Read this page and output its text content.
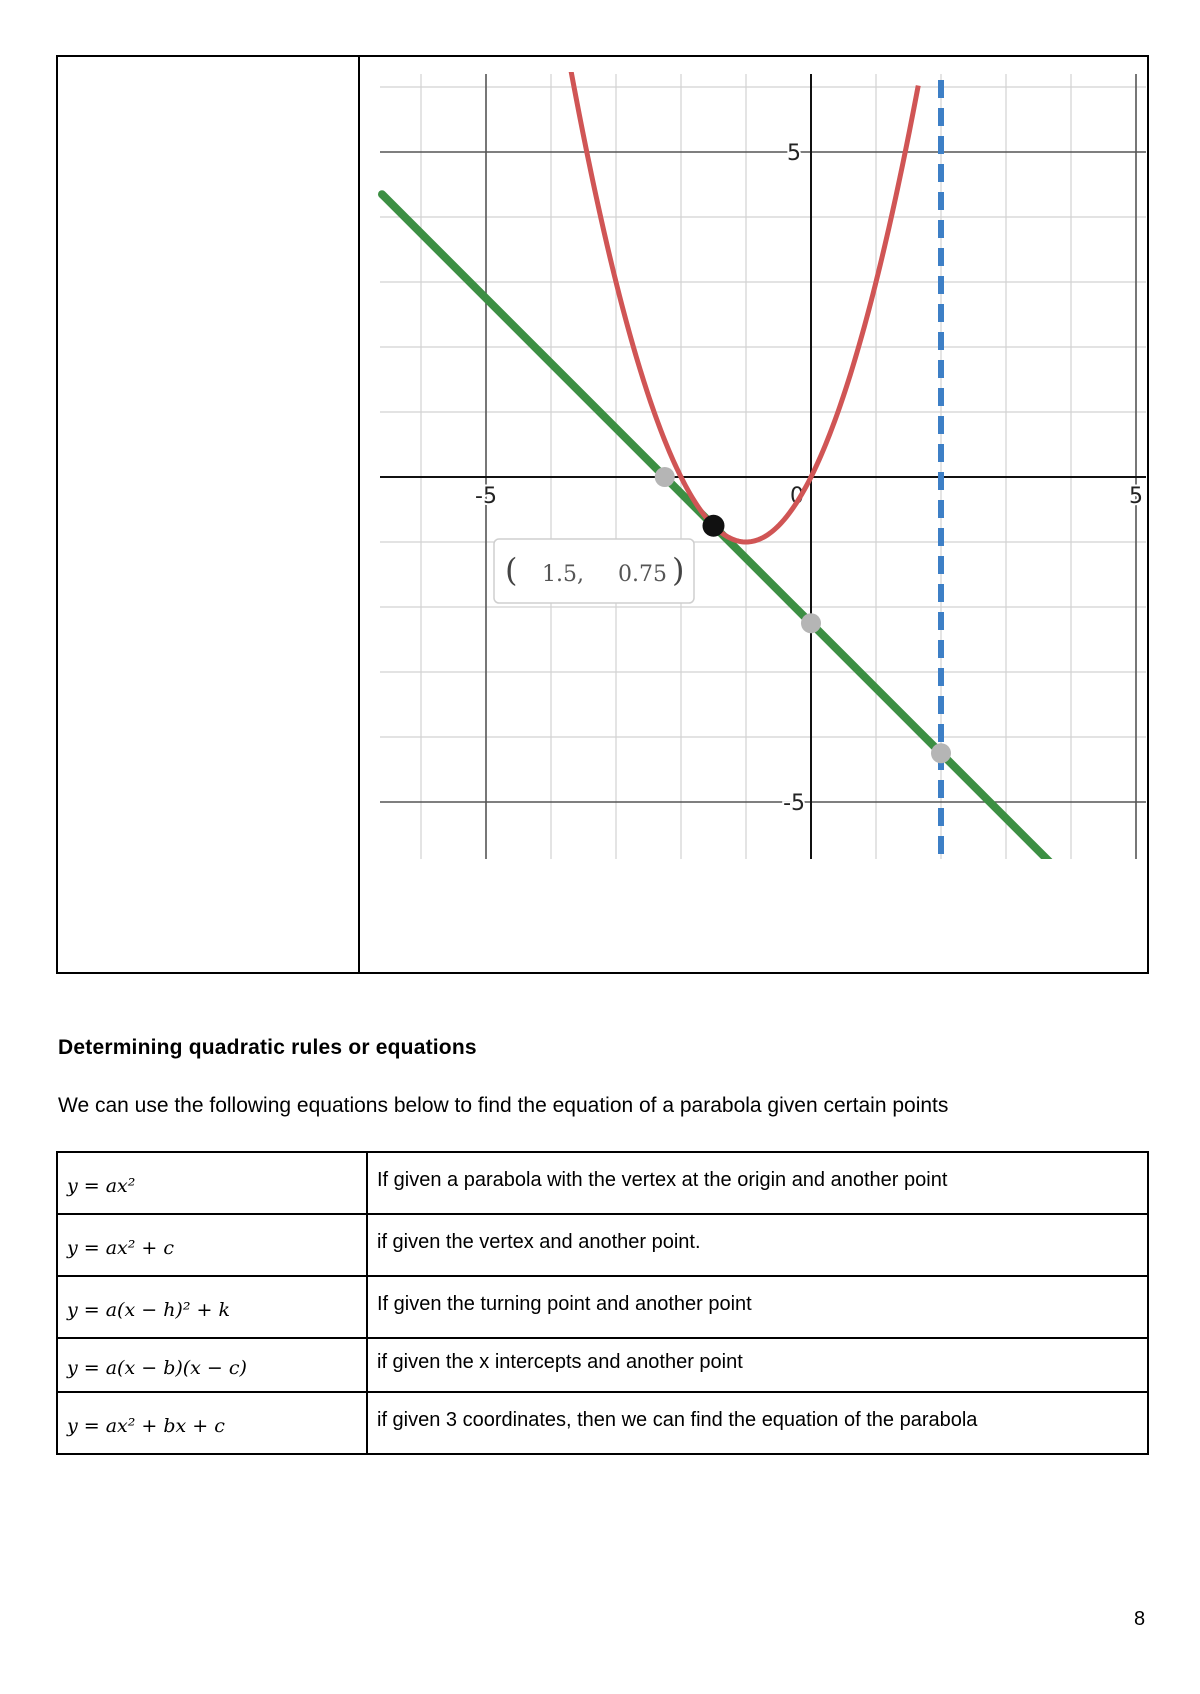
-5	0	5
5
-5
( 1.5, 0.75 )
Determining quadratic rules or equations
We can use the following equations below to find the equation of a parabola given certain points
y = ax²	If given a parabola with the vertex at the origin and another point
y = ax² + c	if given the vertex and another point.
y = a(x − h)² + k	If given the turning point and another point
y = a(x − b)(x − c)	if given the x intercepts and another point
y = ax² + bx + c	if given 3 coordinates, then we can find the equation of the parabola
8
